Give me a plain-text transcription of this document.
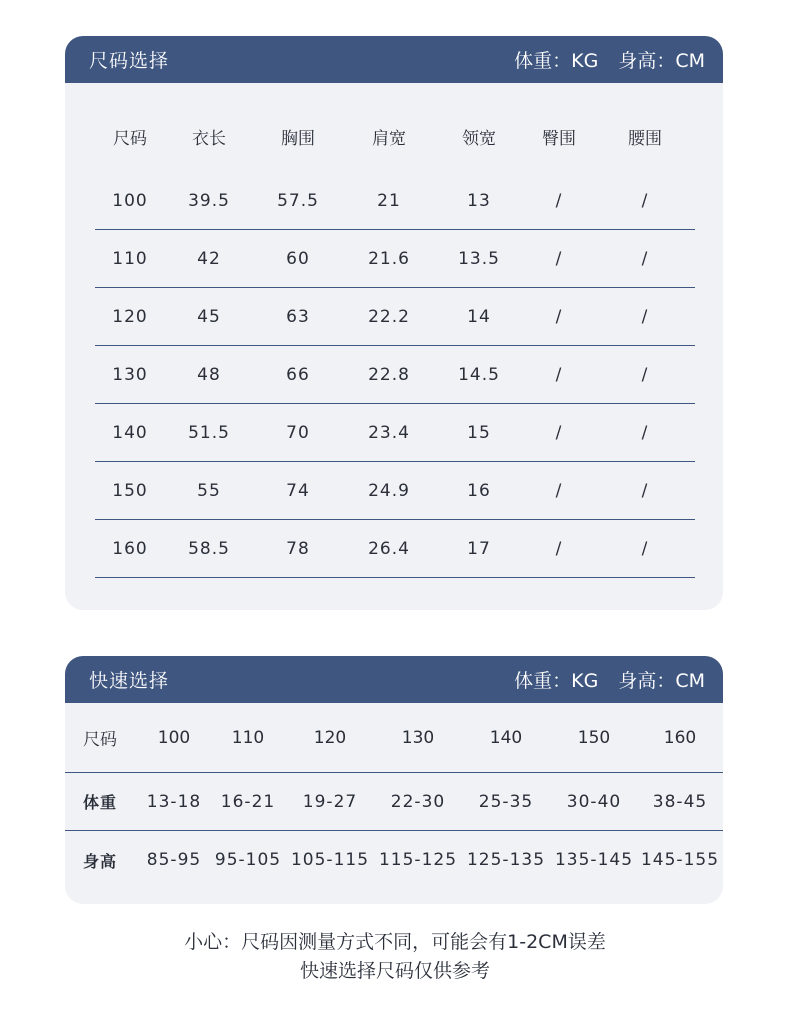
尺码选择	体重：KG 身高：CM
尺码	衣长	胸围	肩宽	领宽	臀围	腰围
100	39.5	57.5	21	13	/	/
110	42	60	21.6	13.5	/	/
120	45	63	22.2	14	/	/
130	48	66	22.8	14.5	/	/
140	51.5	70	23.4	15	/	/
150	55	74	24.9	16	/	/
160	58.5	78	26.4	17	/	/
快速选择	体重：KG 身高：CM
尺码	100	110	120	130	140	150	160
体重	13-18	16-21	19-27	22-30	25-35	30-40	38-45
身高	85-95 95-105 105-115 115-125 125-135 135-145 145-155
小心：尺码因测量方式不同，可能会有1-2CM误差
快速选择尺码仅供参考
